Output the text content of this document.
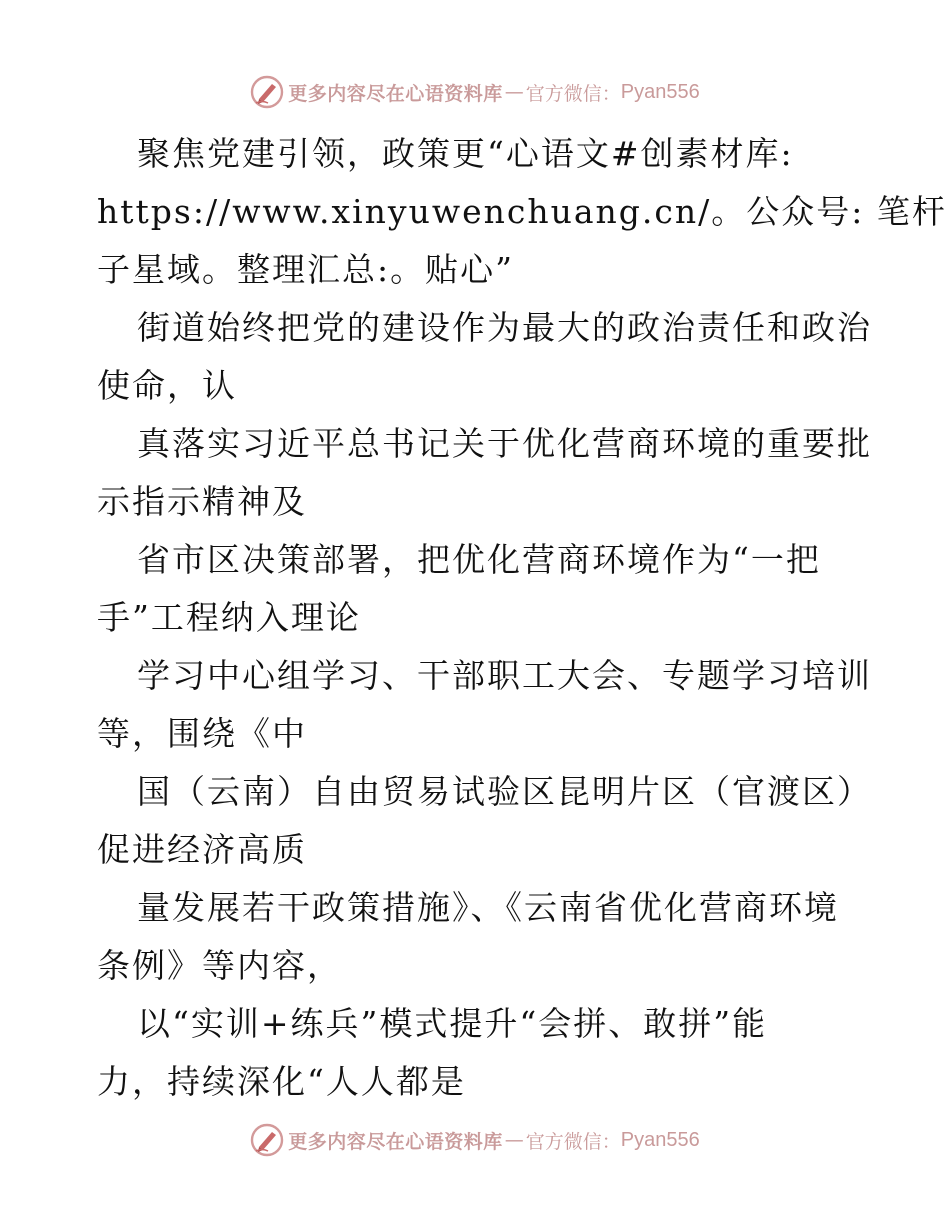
更多内容尽在心语资料库 — 官方微信： Pyan556
聚焦党建引领，政策更“心语文#创素材库:
https://www.xinyuwenchuang.cn/。公众号: 笔杆
子星域。整理汇总:。贴心”
街道始终把党的建设作为最大的政治责任和政治
使命，认
真落实习近平总书记关于优化营商环境的重要批
示指示精神及
省市区决策部署，把优化营商环境作为“一把
手”工程纳入理论
学习中心组学习、干部职工大会、专题学习培训
等，围绕《中
国（云南）自由贸易试验区昆明片区（官渡区）
促进经济高质
量发展若干政策措施》、《云南省优化营商环境
条例》等内容，
以“实训+练兵”模式提升“会拼、敢拼”能
力，持续深化“人人都是
更多内容尽在心语资料库 — 官方微信： Pyan556
